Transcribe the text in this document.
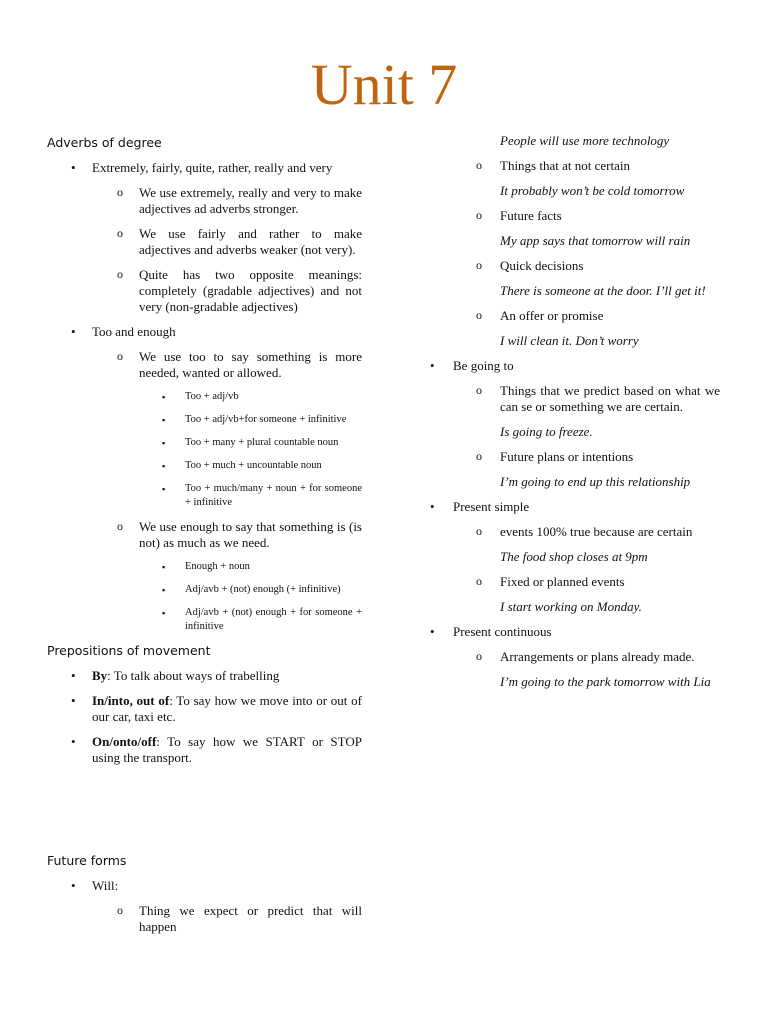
Unit 7
Adverbs of degree
• Extremely, fairly, quite, rather, really and very
o We use extremely, really and very to make adjectives ad adverbs stronger.
o We use fairly and rather to make adjectives and adverbs weaker (not very).
o Quite has two opposite meanings: completely (gradable adjectives) and not very (non-gradable adjectives)
• Too and enough
o We use too to say something is more needed, wanted or allowed.
▪ Too + adj/vb
▪ Too + adj/vb+for someone + infinitive
▪ Too + many + plural countable noun
▪ Too + much + uncountable noun
▪ Too + much/many + noun + for someone + infinitive
o We use enough to say that something is (is not) as much as we need.
▪ Enough + noun
▪ Adj/avb + (not) enough (+ infinitive)
▪ Adj/avb + (not) enough + for someone + infinitive
Prepositions of movement
• By: To talk about ways of trabelling
• In/into, out of: To say how we move into or out of our car, taxi etc.
• On/onto/off: To say how we START or STOP using the transport.
Future forms
• Will:
o Thing we expect or predict that will happen
People will use more technology
o Things that at not certain
It probably won’t be cold tomorrow
o Future facts
My app says that tomorrow will rain
o Quick decisions
There is someone at the door. I’ll get it!
o An offer or promise
I will clean it. Don’t worry
• Be going to
o Things that we predict based on what we can se or something we are certain.
Is going to freeze.
o Future plans or intentions
I’m going to end up this relationship
• Present simple
o events 100% true because are certain
The food shop closes at 9pm
o Fixed or planned events
I start working on Monday.
• Present continuous
o Arrangements or plans already made.
I’m going to the park tomorrow with Lia
